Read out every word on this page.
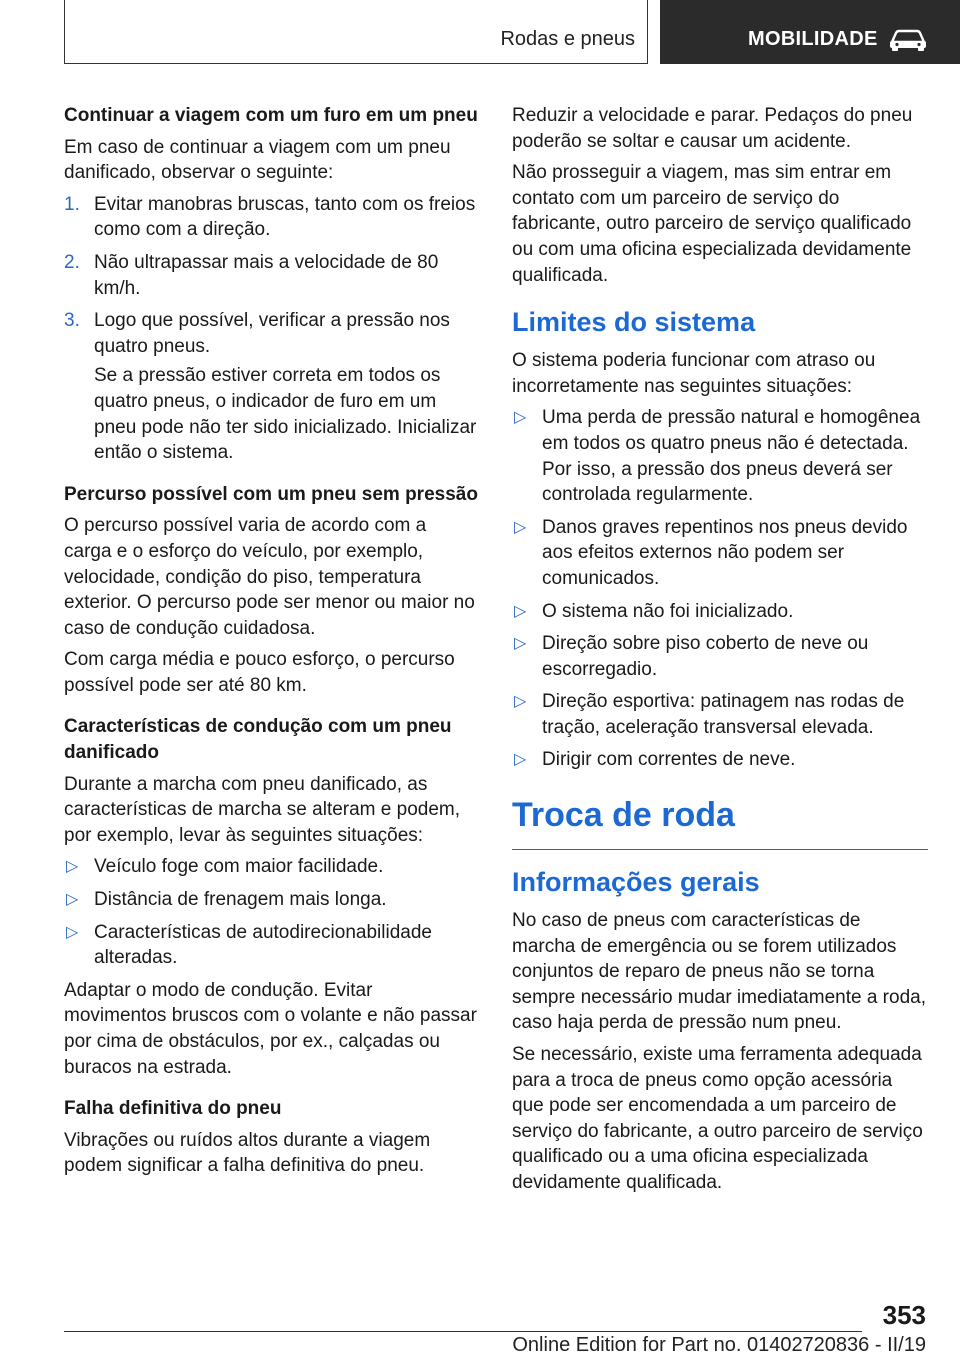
Rodas e pneus	MOBILIDADE
Continuar a viagem com um furo em um pneu

Em caso de continuar a viagem com um pneu danificado, observar o seguinte:

1. Evitar manobras bruscas, tanto com os freios como com a direção.
2. Não ultrapassar mais a velocidade de 80 km/h.
3. Logo que possível, verificar a pressão nos quatro pneus.

Se a pressão estiver correta em todos os quatro pneus, o indicador de furo em um pneu pode não ter sido inicializado. Inicializar então o sistema.

Percurso possível com um pneu sem pressão

O percurso possível varia de acordo com a carga e o esforço do veículo, por exemplo, velocidade, condição do piso, temperatura exterior. O percurso pode ser menor ou maior no caso de condução cuidadosa.

Com carga média e pouco esforço, o percurso possível pode ser até 80 km.

Características de condução com um pneu danificado

Durante a marcha com pneu danificado, as características de marcha se alteram e podem, por exemplo, levar às seguintes situações:

▷ Veículo foge com maior facilidade.
▷ Distância de frenagem mais longa.
▷ Características de autodirecionabilidade alteradas.

Adaptar o modo de condução. Evitar movimentos bruscos com o volante e não passar por cima de obstáculos, por ex., calçadas ou buracos na estrada.

Falha definitiva do pneu

Vibrações ou ruídos altos durante a viagem podem significar a falha definitiva do pneu.

Reduzir a velocidade e parar. Pedaços do pneu poderão se soltar e causar um acidente.

Não prosseguir a viagem, mas sim entrar em contato com um parceiro de serviço do fabricante, outro parceiro de serviço qualificado ou com uma oficina especializada devidamente qualificada.

Limites do sistema

O sistema poderia funcionar com atraso ou incorretamente nas seguintes situações:

▷ Uma perda de pressão natural e homogênea em todos os quatro pneus não é detectada. Por isso, a pressão dos pneus deverá ser controlada regularmente.
▷ Danos graves repentinos nos pneus devido aos efeitos externos não podem ser comunicados.
▷ O sistema não foi inicializado.
▷ Direção sobre piso coberto de neve ou escorregadio.
▷ Direção esportiva: patinagem nas rodas de tração, aceleração transversal elevada.
▷ Dirigir com correntes de neve.
Troca de roda
Informações gerais

No caso de pneus com características de marcha de emergência ou se forem utilizados conjuntos de reparo de pneus não se torna sempre necessário mudar imediatamente a roda, caso haja perda de pressão num pneu.

Se necessário, existe uma ferramenta adequada para a troca de pneus como opção acessória que pode ser encomendada a um parceiro de serviço do fabricante, a outro parceiro de serviço qualificado ou a uma oficina especializada devidamente qualificada.

353
Online Edition for Part no. 01402720836 - II/19
